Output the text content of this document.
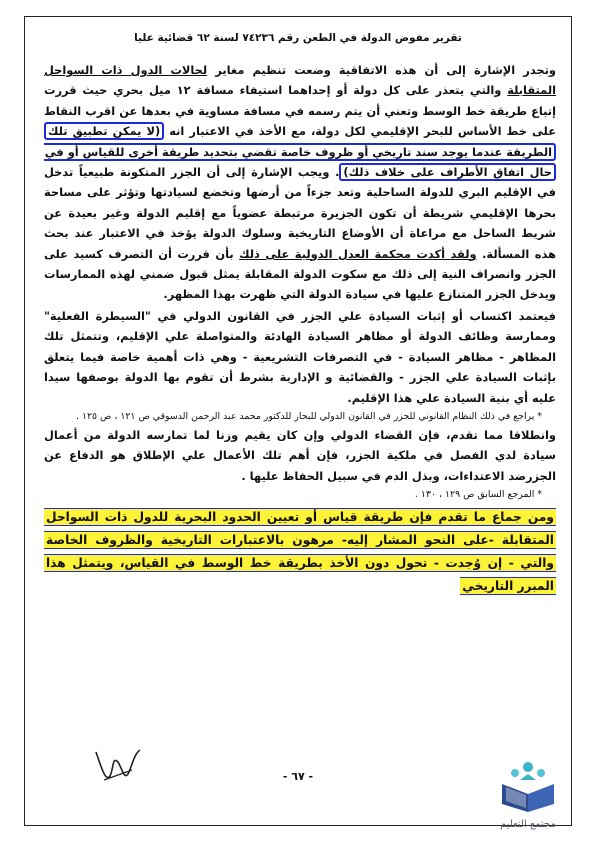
تقرير مفوض الدولة في الطعن رقم ٧٤٢٣٦ لسنة ٦٢ قضائية عليا

وتجدر الإشارة إلى أن هذه الاتفاقية وضعت تنظيم مغاير لحالات الدول ذات السواحل المتقابلة والتي يتعذر على كل دولة أو إحداهما استيفاء مسافة ١٢ ميل بحري حيث قررت إتباع طريقة خط الوسط وتعني أن يتم رسمه في مسافة مساوية في بعدها عن اقرب النقاط على خط الأساس للبحر الإقليمي لكل دولة، مع الأخذ في الاعتبار انه (لا يمكن تطبيق تلك الطريقة عندما يوجد سند تاريخي أو ظروف خاصة تقضي بتحديد طريقة أخرى للقياس أو في حال اتفاق الأطراف على خلاف ذلك). ويجب الإشارة إلى أن الجزر المتكونة طبيعياً تدخل في الإقليم البري للدولة الساحلية وتعد جزءاً من أرضها وتخضع لسيادتها وتؤثر على مساحة بحرها الإقليمي شريطة أن تكون الجزيرة مرتبطة عضوياً مع إقليم الدولة وغير بعيدة عن شريط الساحل مع مراعاة أن الأوضاع التاريخية وسلوك الدولة يؤخذ في الاعتبار عند بحث هذه المسألة. ولقد أكدت محكمة العدل الدولية على ذلك بأن قررت أن التصرف كسيد على الجزر وانصراف النية إلى ذلك مع سكوت الدولة المقابلة يمثل قبول ضمني لهذه الممارسات ويدخل الجزر المتنازع عليها في سيادة الدولة التي ظهرت بهذا المظهر.

فيعتمد اكتساب أو إثبات السيادة علي الجزر في القانون الدولي في "السيطرة الفعلية" وممارسة وظائف الدولة أو مظاهر السيادة الهادئة والمتواصلة علي الإقليم، وتتمثل تلك المظاهر - مظاهر السيادة - في التصرفات التشريعية - وهي ذات أهمية خاصة فيما يتعلق بإثبات السيادة علي الجزر - والقضائية و الإدارية بشرط أن تقوم بها الدولة بوصفها سيدا عليه أي بنية السيادة علي هذا الإقليم.

* يراجع في ذلك النظام القانوني للجزر في القانون الدولي للبحار للدكتور محمد عبد الرحمن الدسوقي ص ١٢١ ، ص ١٢٥ .

وانطلاقا مما تقدم، فإن القضاء الدولي وإن كان يقيم وزنا لما تمارسه الدولة من أعمال سيادة لدي الفصل في ملكية الجزر، فإن أهم تلك الأعمال علي الإطلاق هو الدفاع عن الجزرضد الاعتداءات، وبذل الدم في سبيل الحفاظ عليها .

* المرجع السابق ص ١٢٩ ، ١٣٠ .

ومن جماع ما تقدم فإن طريقة قياس أو تعيين الحدود البحرية للدول ذات السواحل المتقابلة -على النحو المشار إليه- مرهون بالاعتبارات التاريخية والظروف الخاصة والتي - إن وُجدت - تحول دون الأخذ بطريقة خط الوسط في القياس، ويتمثل هذا المبرر التاريخي

- ٦٧ -
مجتمع التعليم
